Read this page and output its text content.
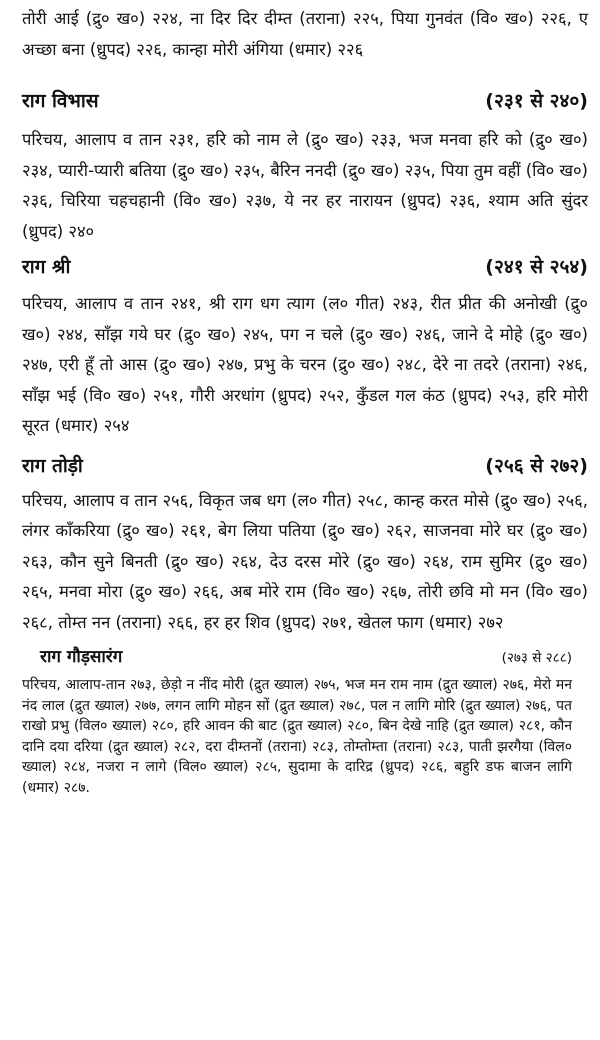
तोरी आई (द्रु० ख०) २२४, ना दिर दिर दीम्त (तराना) २२५, पिया गुनवंत (वि० ख०) २२६, ए अच्छा बना (ध्रुपद) २२६, कान्हा मोरी अंगिया (धमार) २२६

राग विभास	(२३१ से २४०)

परिचय, आलाप व तान २३१, हरि को नाम ले (द्रु० ख०) २३३, भज मनवा हरि को (द्रु० ख०) २३४, प्यारी-प्यारी बतिया (द्रु० ख०) २३५, बैरिन ननदी (द्रु० ख०) २३५, पिया तुम वहीं (वि० ख०) २३६, चिरिया चहचहानी (वि० ख०) २३७, ये नर हर नारायन (ध्रुपद) २३६, श्याम अति सुंदर (ध्रुपद) २४०

राग श्री	(२४१ से २५४)

परिचय, आलाप व तान २४१, श्री राग धग त्याग (ल० गीत) २४३, रीत प्रीत की अनोखी (द्रु० ख०) २४४, साँझ गये घर (द्रु० ख०) २४५, पग न चले (द्रु० ख०) २४६, जाने दे मोहे (द्रु० ख०) २४७, एरी हूँ तो आस (द्रु० ख०) २४७, प्रभु के चरन (द्रु० ख०) २४८, देरे ना तदरे (तराना) २४६, साँझ भई (वि० ख०) २५१, गौरी अरधांग (ध्रुपद) २५२, कुँडल गल कंठ (ध्रुपद) २५३, हरि मोरी सूरत (धमार) २५४

राग तोड़ी	(२५६ से २७२)

परिचय, आलाप व तान २५६, विकृत जब धग (ल० गीत) २५८, कान्ह करत मोसे (द्रु० ख०) २५६, लंगर काँकरिया (द्रु० ख०) २६१, बेग लिया पतिया (द्रु० ख०) २६२, साजनवा मोरे घर (द्रु० ख०) २६३, कौन सुने बिनती (द्रु० ख०) २६४, देउ दरस मोरे (द्रु० ख०) २६४, राम सुमिर (द्रु० ख०) २६५, मनवा मोरा (द्रु० ख०) २६६, अब मोरे राम (वि० ख०) २६७, तोरी छवि मो मन (वि० ख०) २६८, तोम्त नन (तराना) २६६, हर हर शिव (ध्रुपद) २७१, खेतल फाग (धमार) २७२

राग गौड़सारंग	(२७३ से २८८)

परिचय, आलाप-तान २७३, छेड़ो न नींद मोरी (द्रुत ख्याल) २७५, भज मन राम नाम (द्रुत ख्याल) २७६, मेरो मन नंद लाल (द्रुत ख्याल) २७७, लगन लागि मोहन सों (द्रुत ख्याल) २७८, पल न लागि मोरि (द्रुत ख्याल) २७६, पत राखो प्रभु (विल० ख्याल) २८०, हरि आवन की बाट (द्रुत ख्याल) २८०, बिन देखे नाहि (द्रुत ख्याल) २८१, कौन दानि दया दरिया (द्रुत ख्याल) २८२, दरा दीम्तनों (तराना) २८३, तोम्तोम्ता (तराना) २८३, पाती झरगैया (विल० ख्याल) २८४, नजरा न लागे (विल० ख्याल) २८५, सुदामा के दारिद्र (ध्रुपद) २८६, बहुरि डफ बाजन लागि (धमार) २८७.
